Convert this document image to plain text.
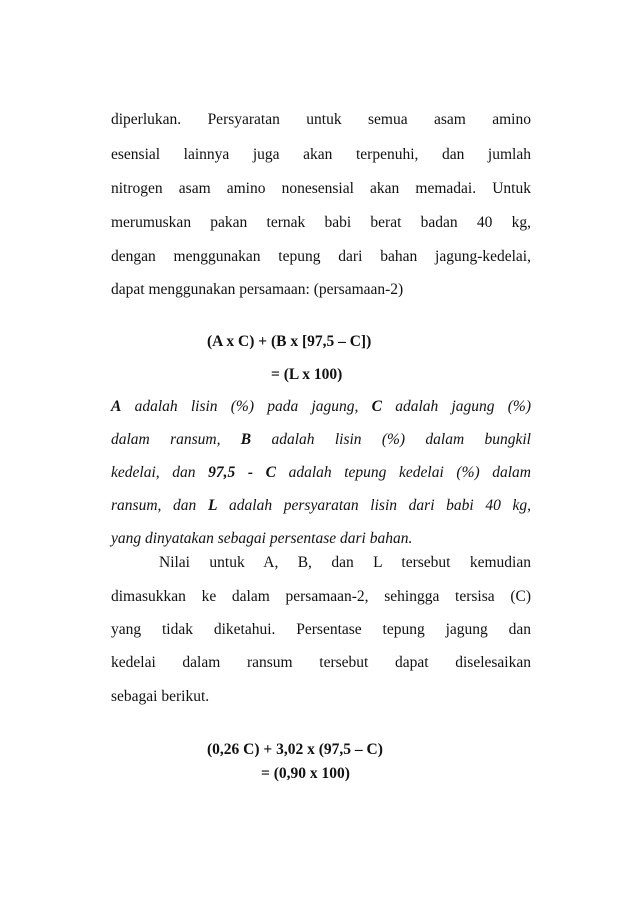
diperlukan. Persyaratan untuk semua asam amino
esensial lainnya juga akan terpenuhi, dan jumlah
nitrogen asam amino nonesensial akan memadai. Untuk
merumuskan pakan ternak babi berat badan 40 kg,
dengan menggunakan tepung dari bahan jagung-kedelai,
dapat menggunakan persamaan: (persamaan-2)
(A x C) + (B x [97,5 – C])
= (L x 100)
A adalah lisin (%) pada jagung, C adalah jagung (%)
dalam ransum, B adalah lisin (%) dalam bungkil
kedelai, dan 97,5 - C adalah tepung kedelai (%) dalam
ransum, dan L adalah persyaratan lisin dari babi 40 kg,
yang dinyatakan sebagai persentase dari bahan.
Nilai untuk A, B, dan L tersebut kemudian
dimasukkan ke dalam persamaan-2, sehingga tersisa (C)
yang tidak diketahui. Persentase tepung jagung dan
kedelai dalam ransum tersebut dapat diselesaikan
sebagai berikut.
(0,26 C) + 3,02 x (97,5 – C)
= (0,90 x 100)
